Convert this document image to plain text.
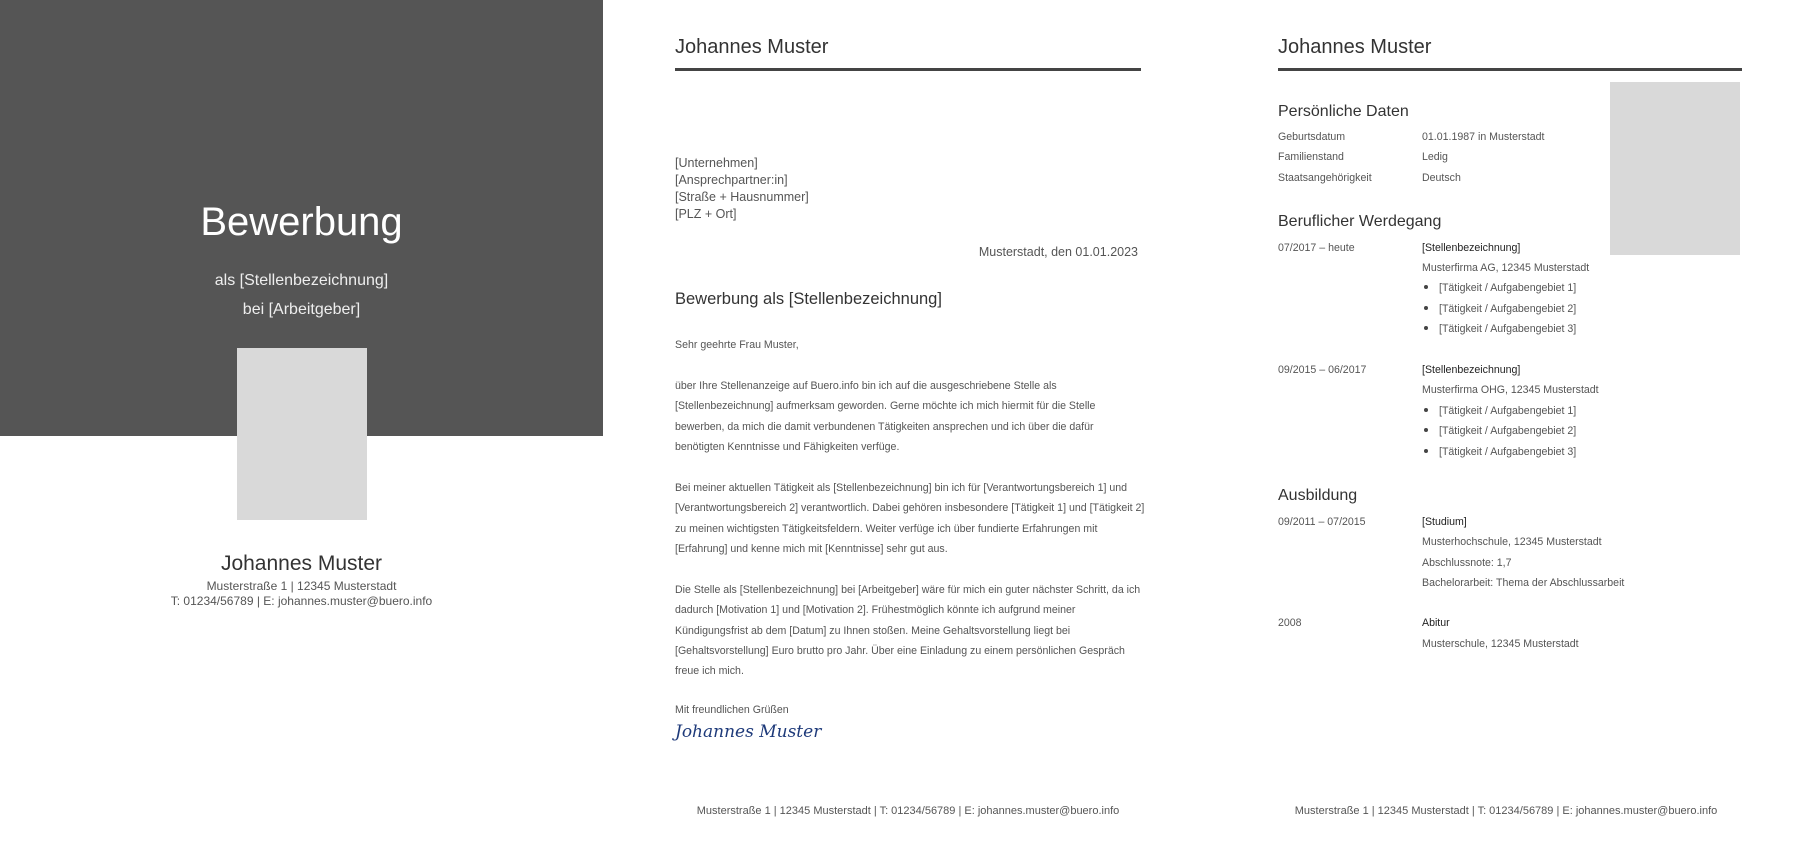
Bewerbung
als [Stellenbezeichnung]
bei [Arbeitgeber]
Johannes Muster
Musterstraße 1 | 12345 Musterstadt
T: 01234/56789 | E: johannes.muster@buero.info
Johannes Muster
[Unternehmen]
[Ansprechpartner:in]
[Straße + Hausnummer]
[PLZ + Ort]
Musterstadt, den 01.01.2023
Bewerbung als [Stellenbezeichnung]
Sehr geehrte Frau Muster,
über Ihre Stellenanzeige auf Buero.info bin ich auf die ausgeschriebene Stelle als [Stellenbezeichnung] aufmerksam geworden. Gerne möchte ich mich hiermit für die Stelle bewerben, da mich die damit verbundenen Tätigkeiten ansprechen und ich über die dafür benötigten Kenntnisse und Fähigkeiten verfüge.
Bei meiner aktuellen Tätigkeit als [Stellenbezeichnung] bin ich für [Verantwortungsbereich 1] und [Verantwortungsbereich 2] verantwortlich. Dabei gehören insbesondere [Tätigkeit 1] und [Tätigkeit 2] zu meinen wichtigsten Tätigkeitsfeldern. Weiter verfüge ich über fundierte Erfahrungen mit [Erfahrung] und kenne mich mit [Kenntnisse] sehr gut aus.
Die Stelle als [Stellenbezeichnung] bei [Arbeitgeber] wäre für mich ein guter nächster Schritt, da ich dadurch [Motivation 1] und [Motivation 2]. Frühestmöglich könnte ich aufgrund meiner Kündigungsfrist ab dem [Datum] zu Ihnen stoßen. Meine Gehaltsvorstellung liegt bei [Gehaltsvorstellung] Euro brutto pro Jahr. Über eine Einladung zu einem persönlichen Gespräch freue ich mich.
Mit freundlichen Grüßen
Johannes Muster
Musterstraße 1 | 12345 Musterstadt | T: 01234/56789 | E: johannes.muster@buero.info
Johannes Muster
Persönliche Daten
Geburtsdatum	01.01.1987 in Musterstadt
Familienstand	Ledig
Staatsangehörigkeit	Deutsch
Beruflicher Werdegang
07/2017 – heute	[Stellenbezeichnung]
Musterfirma AG, 12345 Musterstadt
[Tätigkeit / Aufgabengebiet 1]
[Tätigkeit / Aufgabengebiet 2]
[Tätigkeit / Aufgabengebiet 3]
09/2015 – 06/2017	[Stellenbezeichnung]
Musterfirma OHG, 12345 Musterstadt
[Tätigkeit / Aufgabengebiet 1]
[Tätigkeit / Aufgabengebiet 2]
[Tätigkeit / Aufgabengebiet 3]
Ausbildung
09/2011 – 07/2015	[Studium]
Musterhochschule, 12345 Musterstadt
Abschlussnote: 1,7
Bachelorarbeit: Thema der Abschlussarbeit
2008	Abitur
Musterschule, 12345 Musterstadt
Musterstraße 1 | 12345 Musterstadt | T: 01234/56789 | E: johannes.muster@buero.info
